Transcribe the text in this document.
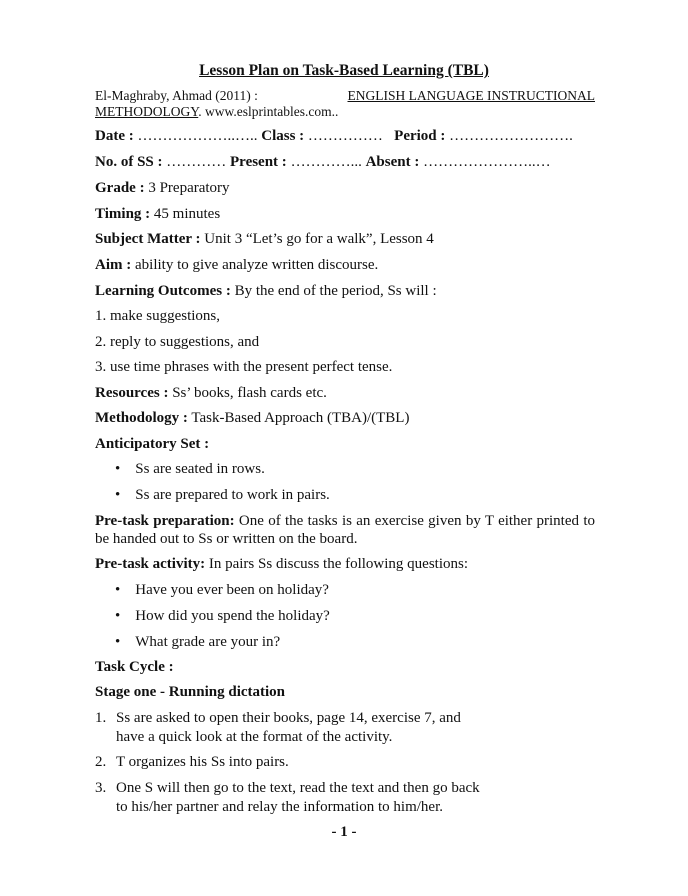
Lesson Plan on Task-Based Learning (TBL)
El-Maghraby, Ahmad (2011) :	ENGLISH LANGUAGE INSTRUCTIONAL
METHODOLOGY. www.eslprintables.com..
Date : ………………..….. Class : …………… Period : …………………….
No. of SS : ………… Present : …………... Absent : …………………..…
Grade : 3 Preparatory
Timing : 45 minutes
Subject Matter : Unit 3 “Let’s go for a walk”, Lesson 4
Aim : ability to give analyze written discourse.
Learning Outcomes : By the end of the period, Ss will :
1. make suggestions,
2. reply to suggestions, and
3. use time phrases with the present perfect tense.
Resources : Ss’ books, flash cards etc.
Methodology : Task-Based Approach (TBA)/(TBL)
Anticipatory Set :
•    Ss are seated in rows.
•    Ss are prepared to work in pairs.
Pre-task preparation: One of the tasks is an exercise given by T either printed to be handed out to Ss or written on the board.
Pre-task activity: In pairs Ss discuss the following questions:
•    Have you ever been on holiday?
•    How did you spend the holiday?
•    What grade are your in?
Task Cycle :
Stage one - Running dictation
1. Ss are asked to open their books, page 14, exercise 7, and
have a quick look at the format of the activity.
2. T organizes his Ss into pairs.
3. One S will then go to the text, read the text and then go back
to his/her partner and relay the information to him/her.
- 1 -
